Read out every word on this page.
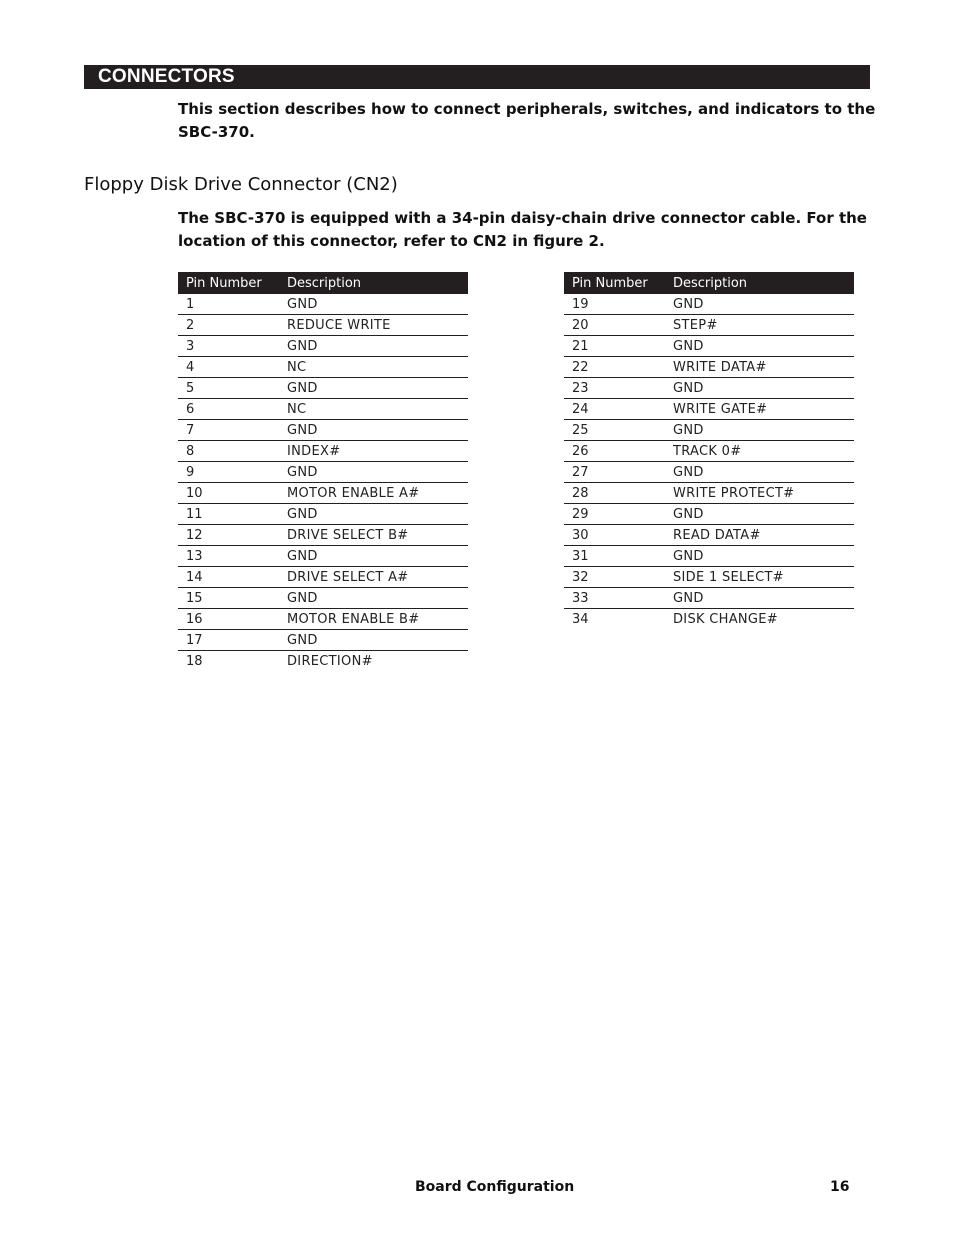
CONNECTORS
This section describes how to connect peripherals, switches, and indicators to the SBC-370.
Floppy Disk Drive Connector (CN2)
The SBC-370 is equipped with a 34-pin daisy-chain drive connector cable. For the location of this connector, refer to CN2 in figure 2.
Pin Number	Description
1	GND
2	REDUCE WRITE
3	GND
4	NC
5	GND
6	NC
7	GND
8	INDEX#
9	GND
10	MOTOR ENABLE A#
11	GND
12	DRIVE SELECT B#
13	GND
14	DRIVE SELECT A#
15	GND
16	MOTOR ENABLE B#
17	GND
18	DIRECTION#
Pin Number	Description
19	GND
20	STEP#
21	GND
22	WRITE DATA#
23	GND
24	WRITE GATE#
25	GND
26	TRACK 0#
27	GND
28	WRITE PROTECT#
29	GND
30	READ DATA#
31	GND
32	SIDE 1 SELECT#
33	GND
34	DISK CHANGE#
Board Configuration	16
